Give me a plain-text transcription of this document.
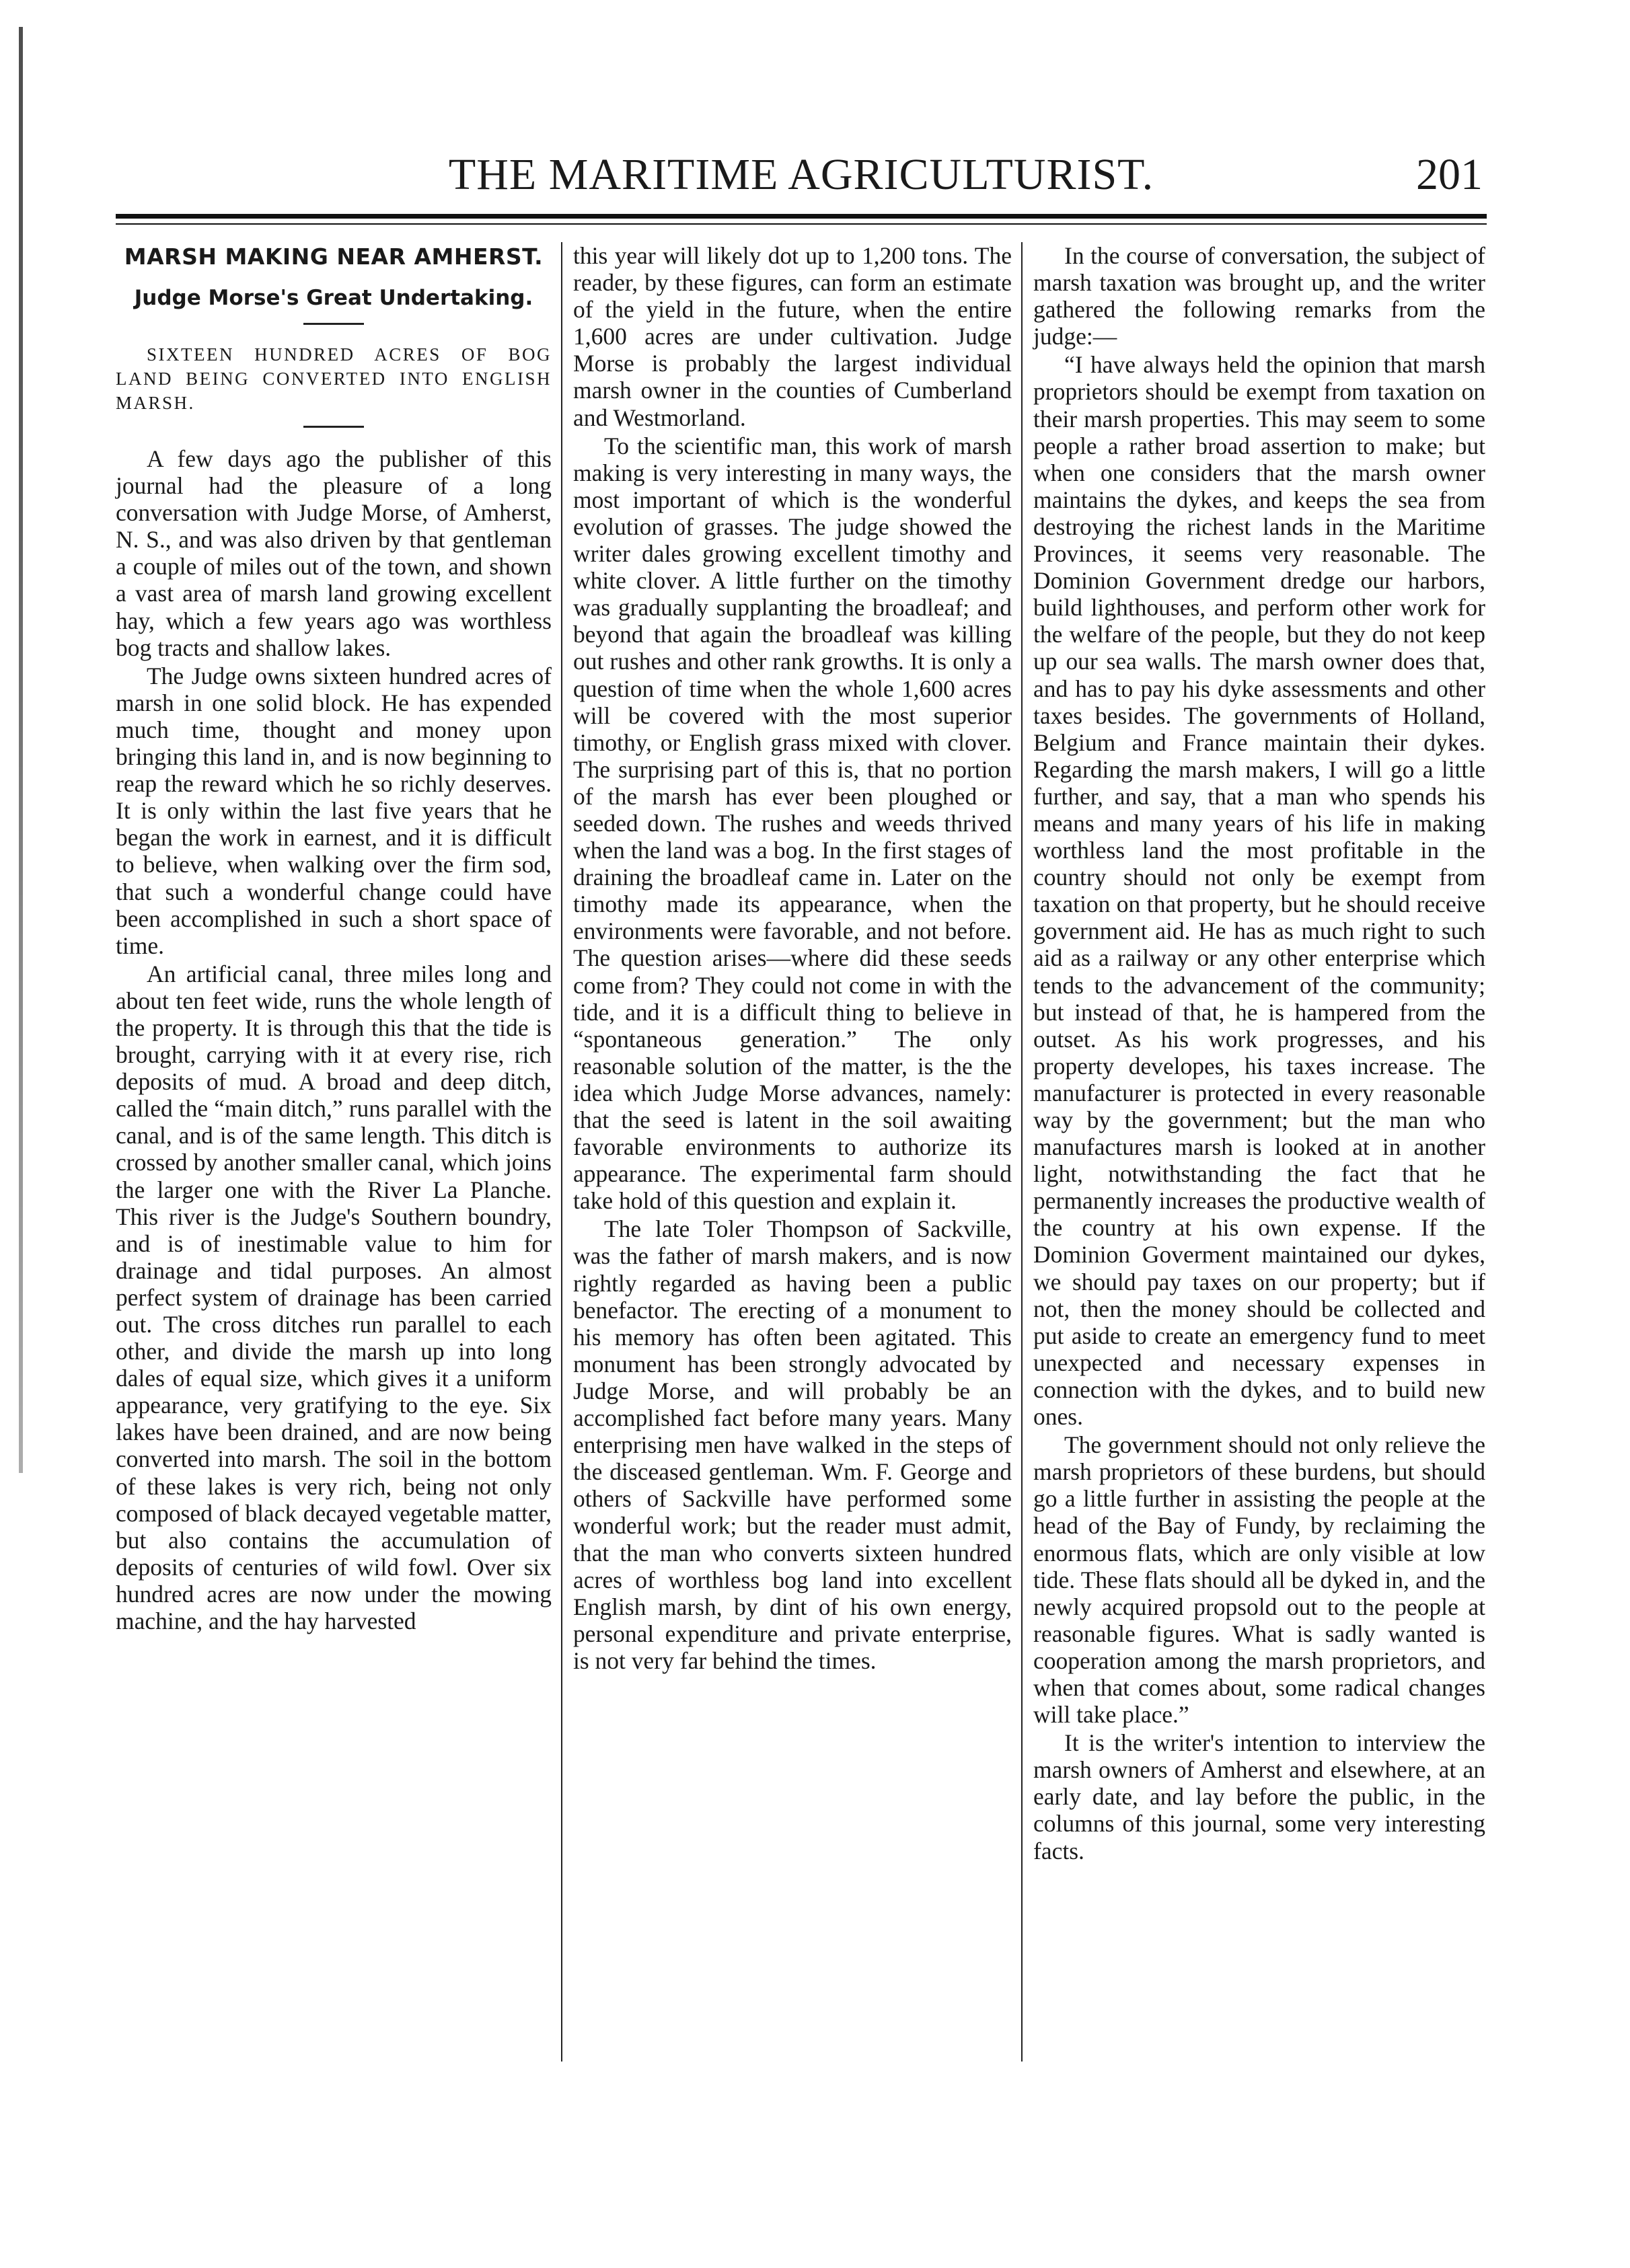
THE MARITIME AGRICULTURIST.	201
MARSH MAKING NEAR AMHERST.
Judge Morse's Great Undertaking.

SIXTEEN HUNDRED ACRES OF BOG LAND BEING CONVERTED INTO ENGLISH MARSH.

A few days ago the publisher of this journal had the pleasure of a long conversation with Judge Morse, of Amherst, N. S., and was also driven by that gentleman a couple of miles out of the town, and shown a vast area of marsh land growing excellent hay, which a few years ago was worthless bog tracts and shallow lakes.

The Judge owns sixteen hundred acres of marsh in one solid block. He has expended much time, thought and money upon bringing this land in, and is now beginning to reap the reward which he so richly deserves. It is only within the last five years that he began the work in earnest, and it is difficult to believe, when walking over the firm sod, that such a wonderful change could have been accomplished in such a short space of time.

An artificial canal, three miles long and about ten feet wide, runs the whole length of the property. It is through this that the tide is brought, carrying with it at every rise, rich deposits of mud. A broad and deep ditch, called the “main ditch,” runs parallel with the canal, and is of the same length. This ditch is crossed by another smaller canal, which joins the larger one with the River La Planche. This river is the Judge's Southern boundry, and is of inestimable value to him for drainage and tidal purposes. An almost perfect system of drainage has been carried out. The cross ditches run parallel to each other, and divide the marsh up into long dales of equal size, which gives it a uniform appearance, very gratifying to the eye. Six lakes have been drained, and are now being converted into marsh. The soil in the bottom of these lakes is very rich, being not only composed of black decayed vegetable matter, but also contains the accumulation of deposits of centuries of wild fowl. Over six hundred acres are now under the mowing machine, and the hay harvested

this year will likely dot up to 1,200 tons. The reader, by these figures, can form an estimate of the yield in the future, when the entire 1,600 acres are under cultivation. Judge Morse is probably the largest individual marsh owner in the counties of Cumberland and Westmorland.

To the scientific man, this work of marsh making is very interesting in many ways, the most important of which is the wonderful evolution of grasses. The judge showed the writer dales growing excellent timothy and white clover. A little further on the timothy was gradually supplanting the broadleaf; and beyond that again the broadleaf was killing out rushes and other rank growths. It is only a question of time when the whole 1,600 acres will be covered with the most superior timothy, or English grass mixed with clover. The surprising part of this is, that no portion of the marsh has ever been ploughed or seeded down. The rushes and weeds thrived when the land was a bog. In the first stages of draining the broadleaf came in. Later on the timothy made its appearance, when the environments were favorable, and not before. The question arises—where did these seeds come from? They could not come in with the tide, and it is a difficult thing to believe in “spontaneous generation.” The only reasonable solution of the matter, is the the idea which Judge Morse advances, namely: that the seed is latent in the soil awaiting favorable environments to authorize its appearance. The experimental farm should take hold of this question and explain it.

The late Toler Thompson of Sackville, was the father of marsh makers, and is now rightly regarded as having been a public benefactor. The erecting of a monument to his memory has often been agitated. This monument has been strongly advocated by Judge Morse, and will probably be an accomplished fact before many years. Many enterprising men have walked in the steps of the disceased gentleman. Wm. F. George and others of Sackville have performed some wonderful work; but the reader must admit, that the man who converts sixteen hundred acres of worthless bog land into excellent English marsh, by dint of his own energy, personal expenditure and private enterprise, is not very far behind the times.

In the course of conversation, the subject of marsh taxation was brought up, and the writer gathered the following remarks from the judge:—

“I have always held the opinion that marsh proprietors should be exempt from taxation on their marsh properties. This may seem to some people a rather broad assertion to make; but when one considers that the marsh owner maintains the dykes, and keeps the sea from destroying the richest lands in the Maritime Provinces, it seems very reasonable. The Dominion Government dredge our harbors, build lighthouses, and perform other work for the welfare of the people, but they do not keep up our sea walls. The marsh owner does that, and has to pay his dyke assessments and other taxes besides. The governments of Holland, Belgium and France maintain their dykes. Regarding the marsh makers, I will go a little further, and say, that a man who spends his means and many years of his life in making worthless land the most profitable in the country should not only be exempt from taxation on that property, but he should receive government aid. He has as much right to such aid as a railway or any other enterprise which tends to the advancement of the community; but instead of that, he is hampered from the outset. As his work progresses, and his property developes, his taxes increase. The manufacturer is protected in every reasonable way by the government; but the man who manufactures marsh is looked at in another light, notwithstanding the fact that he permanently increases the productive wealth of the country at his own expense. If the Dominion Goverment maintained our dykes, we should pay taxes on our property; but if not, then the money should be collected and put aside to create an emergency fund to meet unexpected and necessary expenses in connection with the dykes, and to build new ones.

The government should not only relieve the marsh proprietors of these burdens, but should go a little further in assisting the people at the head of the Bay of Fundy, by reclaiming the enormous flats, which are only visible at low tide. These flats should all be dyked in, and the newly acquired propsold out to the people at reasonable figures. What is sadly wanted is cooperation among the marsh proprietors, and when that comes about, some radical changes will take place.”

It is the writer's intention to interview the marsh owners of Amherst and elsewhere, at an early date, and lay before the public, in the columns of this journal, some very interesting facts.
